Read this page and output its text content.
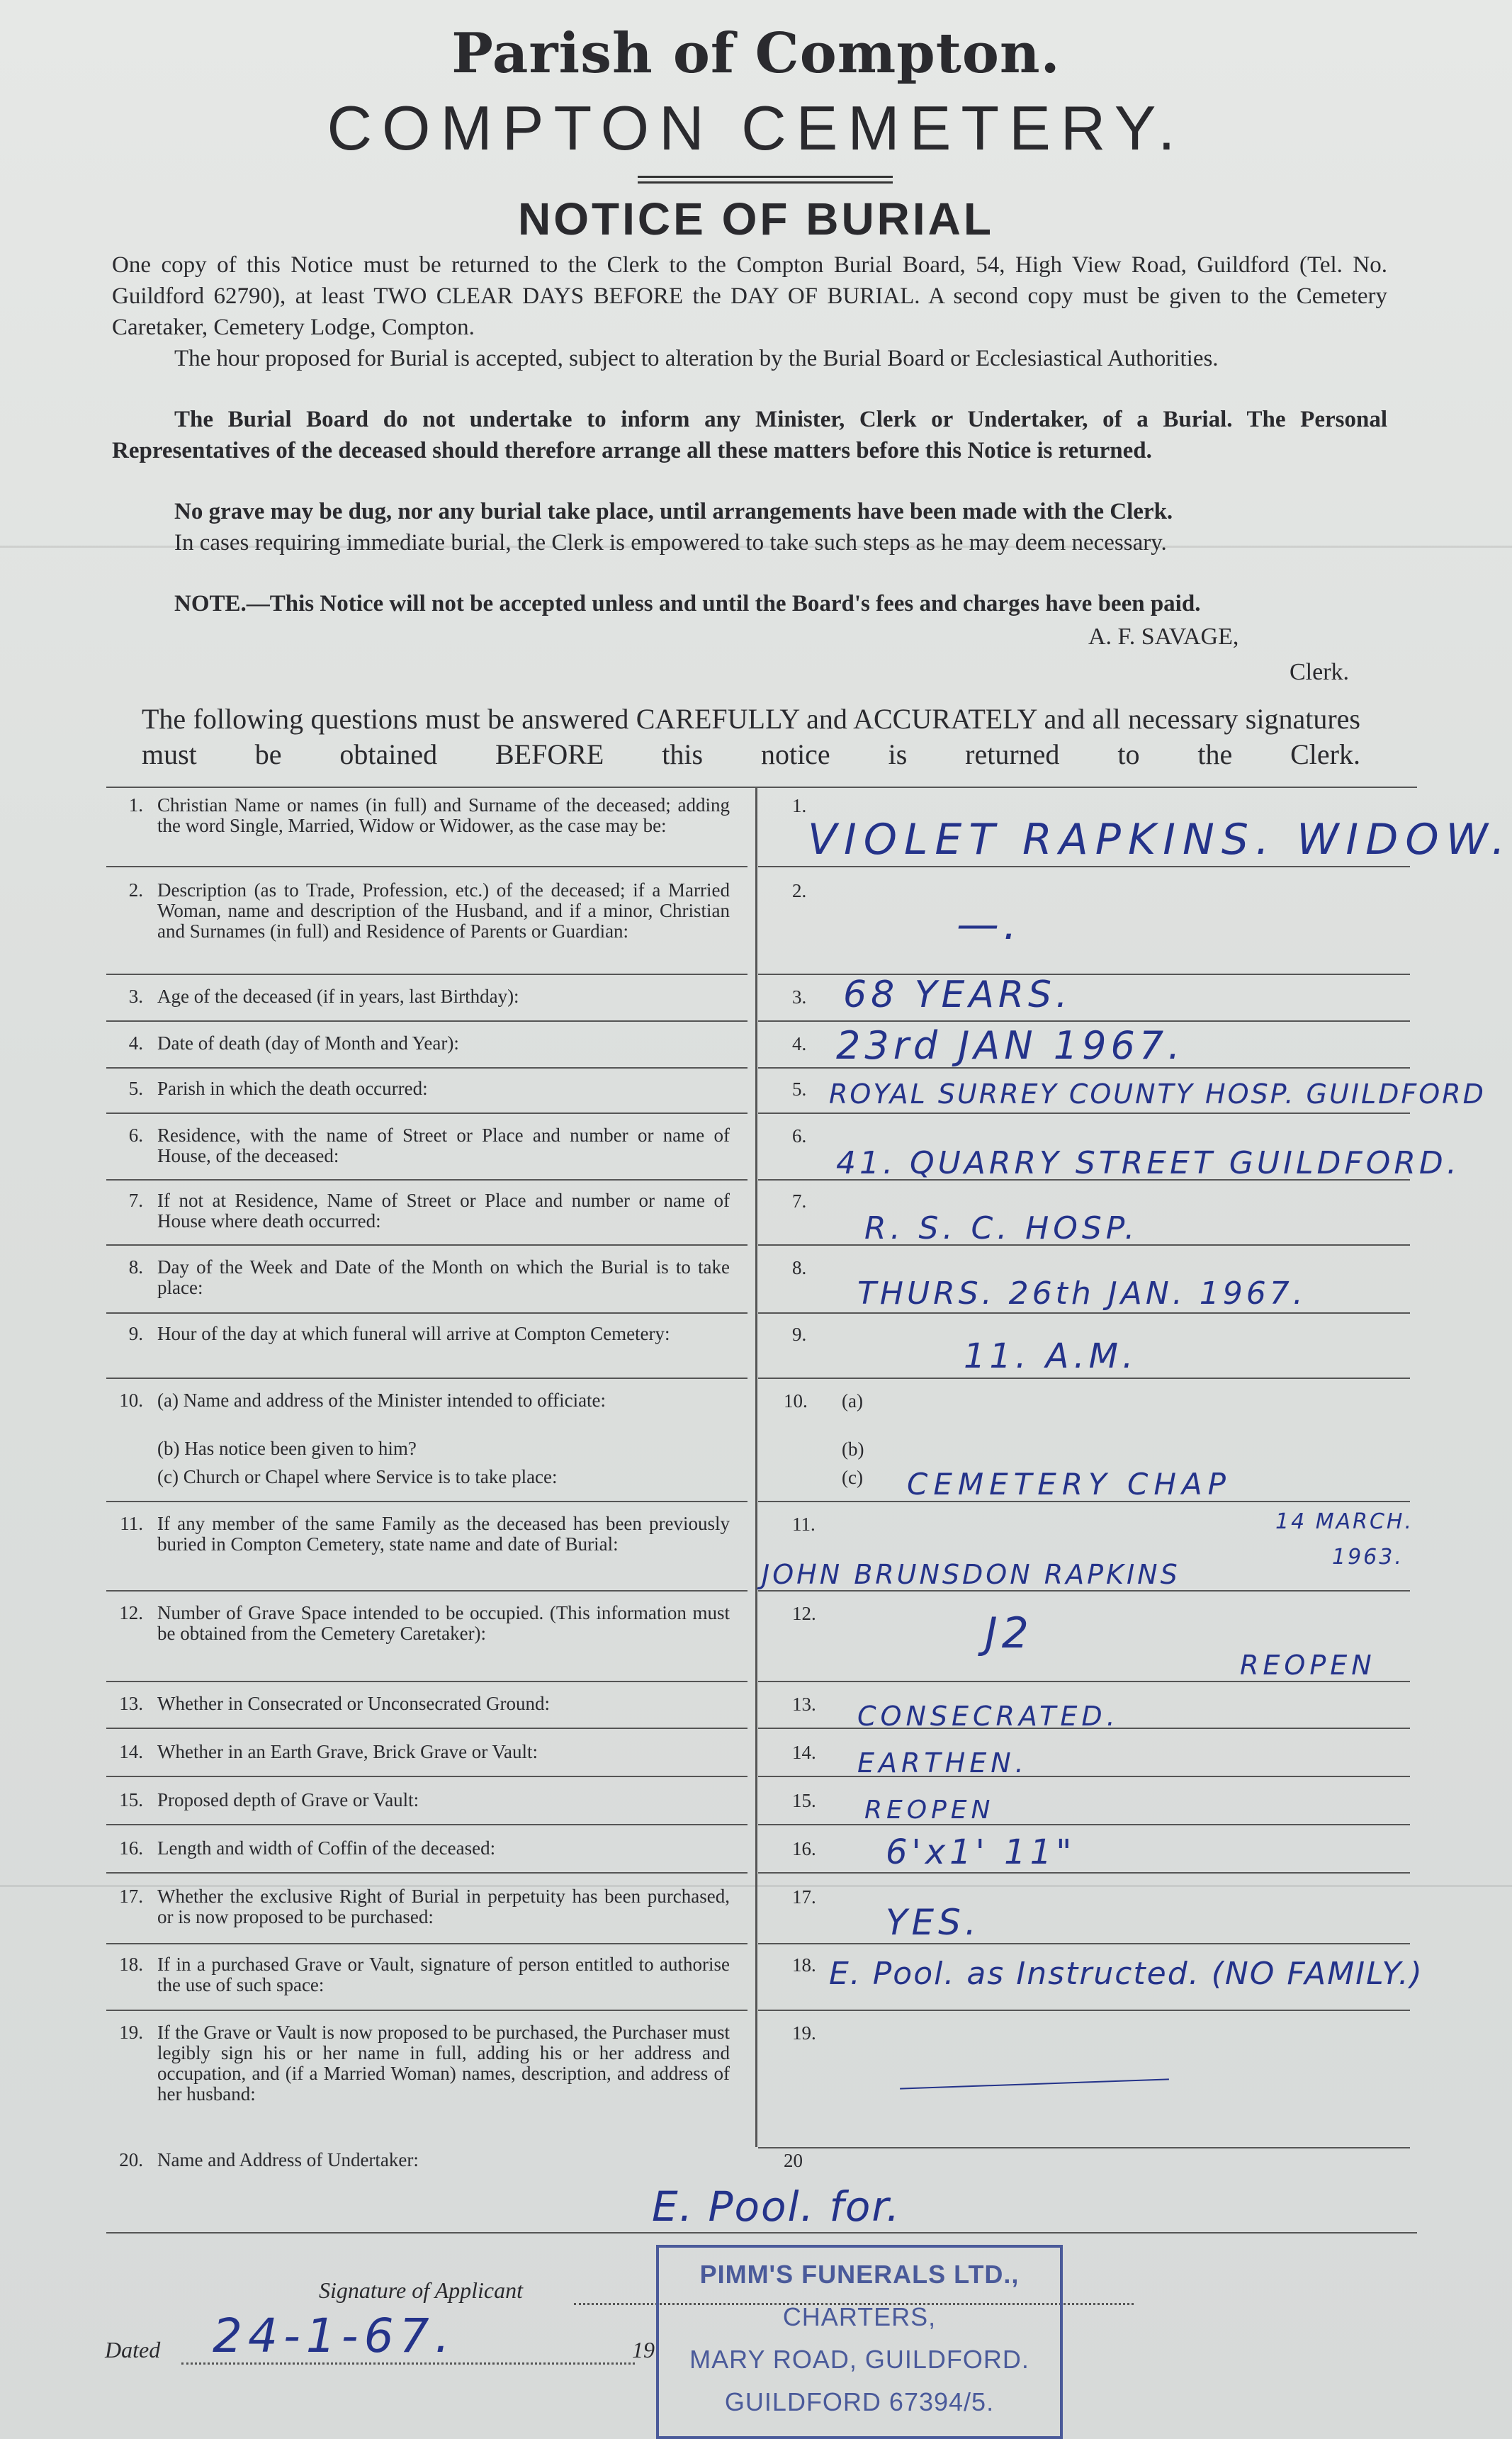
Parish of Compton.
COMPTON CEMETERY.
NOTICE OF BURIAL
One copy of this Notice must be returned to the Clerk to the Compton Burial Board, 54, High View Road, Guildford (Tel. No. Guildford 62790), at least TWO CLEAR DAYS BEFORE the DAY OF BURIAL. A second copy must be given to the Cemetery Caretaker, Cemetery Lodge, Compton.
The hour proposed for Burial is accepted, subject to alteration by the Burial Board or Ecclesiastical Authorities.
The Burial Board do not undertake to inform any Minister, Clerk or Undertaker, of a Burial. The Personal Representatives of the deceased should therefore arrange all these matters before this Notice is returned.
No grave may be dug, nor any burial take place, until arrangements have been made with the Clerk.
In cases requiring immediate burial, the Clerk is empowered to take such steps as he may deem necessary.
NOTE.—This Notice will not be accepted unless and until the Board's fees and charges have been paid.
A. F. SAVAGE,
Clerk.
The following questions must be answered CAREFULLY and ACCURATELY and all necessary signatures must be obtained BEFORE this notice is returned to the Clerk.
1. Christian Name or names (in full) and Surname of the deceased; adding the word Single, Married, Widow or Widower, as the case may be:
2. Description (as to Trade, Profession, etc.) of the deceased; if a Married Woman, name and description of the Husband, and if a minor, Christian and Surnames (in full) and Residence of Parents or Guardian:
3. Age of the deceased (if in years, last Birthday):
4. Date of death (day of Month and Year):
5. Parish in which the death occurred:
6. Residence, with the name of Street or Place and number or name of House, of the deceased:
7. If not at Residence, Name of Street or Place and number or name of House where death occurred:
8. Day of the Week and Date of the Month on which the Burial is to take place:
9. Hour of the day at which funeral will arrive at Compton Cemetery:
10. (a) Name and address of the Minister intended to officiate:
(b) Has notice been given to him?
(c) Church or Chapel where Service is to take place:
11. If any member of the same Family as the deceased has been previously buried in Compton Cemetery, state name and date of Burial:
12. Number of Grave Space intended to be occupied. (This information must be obtained from the Cemetery Caretaker):
13. Whether in Consecrated or Unconsecrated Ground:
14. Whether in an Earth Grave, Brick Grave or Vault:
15. Proposed depth of Grave or Vault:
16. Length and width of Coffin of the deceased:
17. Whether the exclusive Right of Burial in perpetuity has been purchased, or is now proposed to be purchased:
18. If in a purchased Grave or Vault, signature of person entitled to authorise the use of such space:
19. If the Grave or Vault is now proposed to be purchased, the Purchaser must legibly sign his or her name in full, adding his or her address and occupation, and (if a Married Woman) names, description, and address of her husband:
20. Name and Address of Undertaker:
1.
2.
3.
4.
5.
6.
7.
8.
9.
10. (a)
(b)
(c)
11.
12.
13.
14.
15.
16.
17.
18.
19.
20
VIOLET RAPKINS. WIDOW.
—.
68 YEARS.
23rd JAN 1967.
ROYAL SURREY COUNTY HOSP. GUILDFORD
41. QUARRY STREET GUILDFORD.
R. S. C. HOSP.
THURS. 26th JAN. 1967.
11. A.M.
CEMETERY CHAP
14 MARCH.
1963.
JOHN BRUNSDON RAPKINS
J2
REOPEN
CONSECRATED.
EARTHEN.
REOPEN
6'x1' 11"
YES.
E. Pool. as Instructed. (NO FAMILY.)
E. Pool. for.
Signature of Applicant
Dated 24-1-67.	19
PIMM'S FUNERALS LTD.,
CHARTERS,
MARY ROAD, GUILDFORD.
GUILDFORD 67394/5.
